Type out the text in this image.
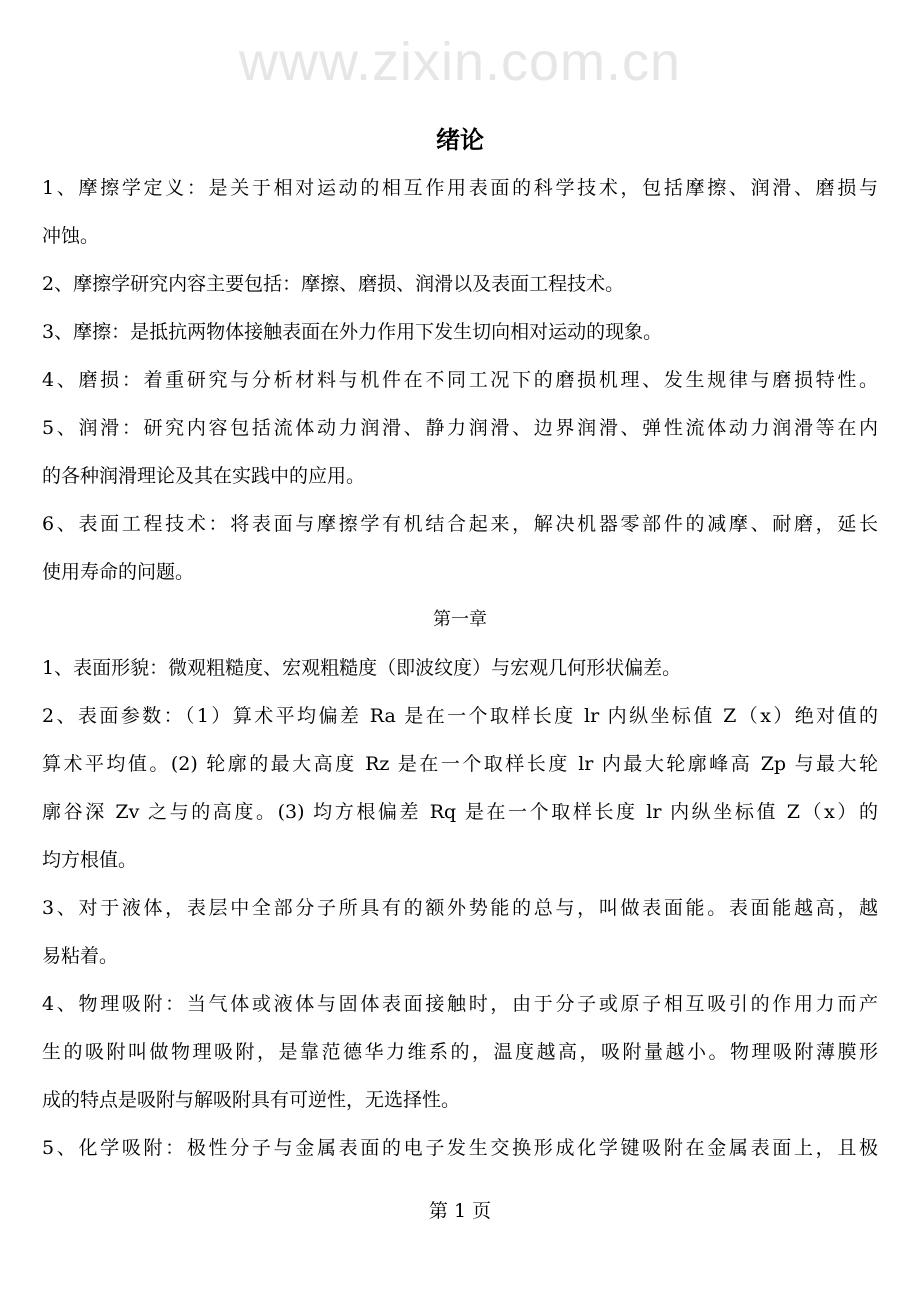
www.zixin.com.cn
绪论
1、摩擦学定义：是关于相对运动的相互作用表面的科学技术，包括摩擦、润滑、磨损与
冲蚀。
2、摩擦学研究内容主要包括：摩擦、磨损、润滑以及表面工程技术。
3、摩擦：是抵抗两物体接触表面在外力作用下发生切向相对运动的现象。
4、磨损：着重研究与分析材料与机件在不同工况下的磨损机理、发生规律与磨损特性。
5、润滑：研究内容包括流体动力润滑、静力润滑、边界润滑、弹性流体动力润滑等在内
的各种润滑理论及其在实践中的应用。
6、表面工程技术：将表面与摩擦学有机结合起来，解决机器零部件的减摩、耐磨，延长
使用寿命的问题。
第一章
1、表面形貌：微观粗糙度、宏观粗糙度（即波纹度）与宏观几何形状偏差。
2、表面参数：（1）算术平均偏差 Ra 是在一个取样长度 lr 内纵坐标值 Z（x）绝对值的
算术平均值。(2) 轮廓的最大高度 Rz 是在一个取样长度 lr 内最大轮廓峰高 Zp 与最大轮
廓谷深 Zv 之与的高度。(3) 均方根偏差 Rq 是在一个取样长度 lr 内纵坐标值 Z（x）的
均方根值。
3、对于液体，表层中全部分子所具有的额外势能的总与，叫做表面能。表面能越高，越
易粘着。
4、物理吸附：当气体或液体与固体表面接触时，由于分子或原子相互吸引的作用力而产
生的吸附叫做物理吸附，是靠范德华力维系的，温度越高，吸附量越小。物理吸附薄膜形
成的特点是吸附与解吸附具有可逆性，无选择性。
5、化学吸附：极性分子与金属表面的电子发生交换形成化学键吸附在金属表面上，且极
第 1 页
